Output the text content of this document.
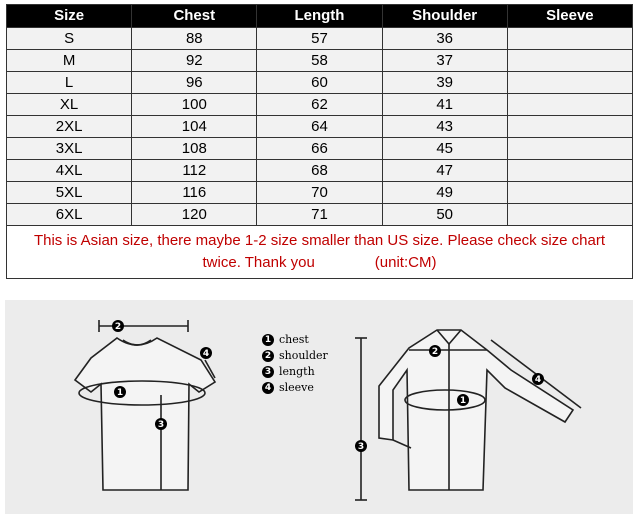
Size	Chest	Length	Shoulder	Sleeve
S	88	57	36	
M	92	58	37	
L	96	60	39	
XL	100	62	41	
2XL	104	64	43	
3XL	108	66	45	
4XL	112	68	47	
5XL	116	70	49	
6XL	120	71	50	
This is Asian size, there maybe 1-2 size smaller than US size. Please check size chart twice. Thank you (unit:CM)				
2
4
1
3
2
1
4
3
1 chest
2 shoulder
3 length
4 sleeve
